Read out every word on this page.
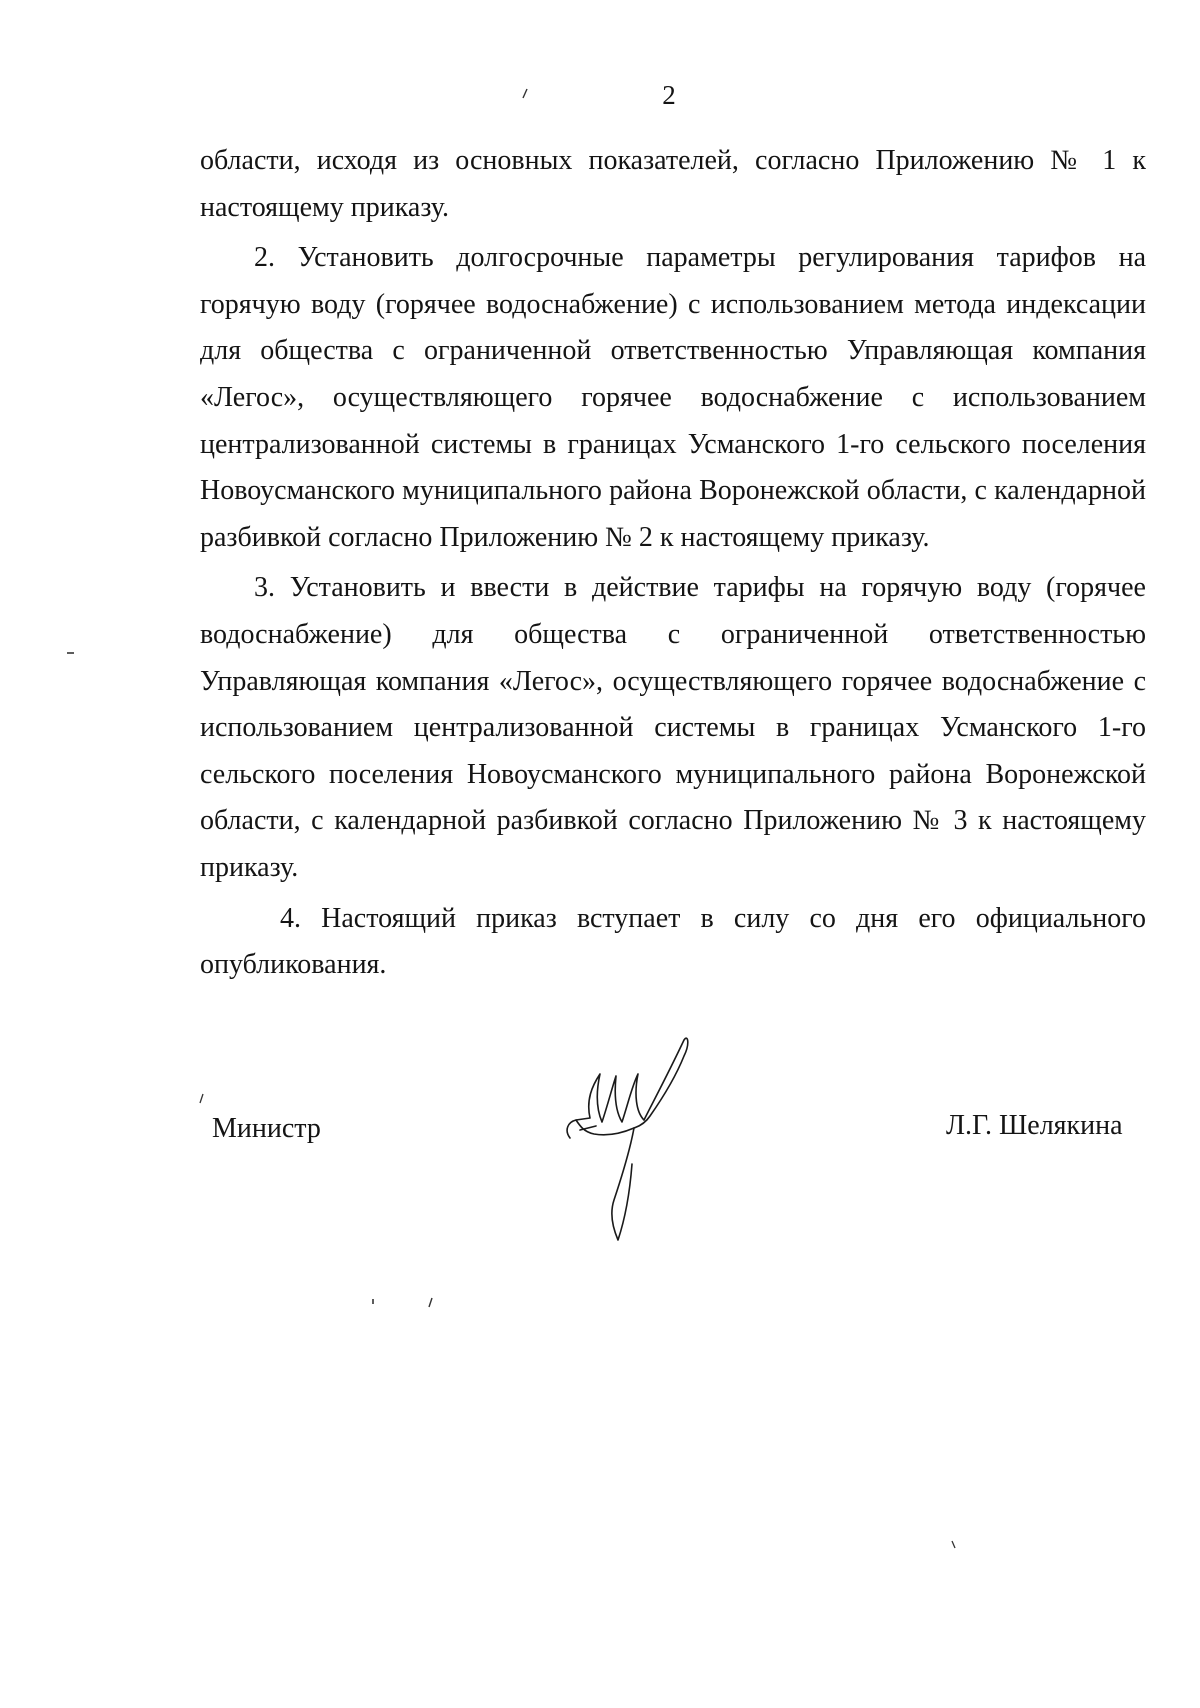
2

области, исходя из основных показателей, согласно Приложению № 1 к настоящему приказу.

2. Установить долгосрочные параметры регулирования тарифов на горячую воду (горячее водоснабжение) с использованием метода индексации для общества с ограниченной ответственностью Управляющая компания «Легос», осуществляющего горячее водоснабжение с использованием централизованной системы в границах Усманского 1-го сельского поселения Новоусманского муниципального района Воронежской области, с календарной разбивкой согласно Приложению № 2 к настоящему приказу.

3. Установить и ввести в действие тарифы на горячую воду (горячее водоснабжение) для общества с ограниченной ответственностью Управляющая компания «Легос», осуществляющего горячее водоснабжение с использованием централизованной системы в границах Усманского 1-го сельского поселения Новоусманского муниципального района Воронежской области, с календарной разбивкой согласно Приложению № 3 к настоящему приказу.

4. Настоящий приказ вступает в силу со дня его официального опубликования.

Министр	Л.Г. Шелякина
